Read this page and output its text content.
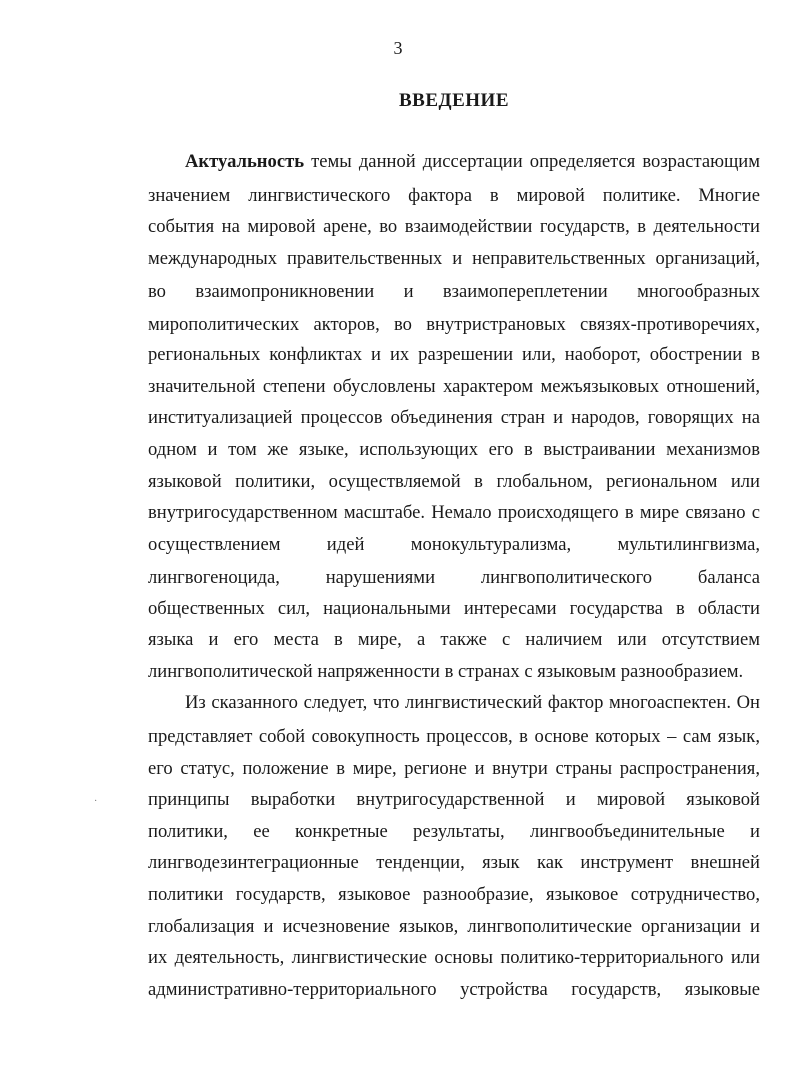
3
ВВЕДЕНИЕ
Актуальность темы данной диссертации определяется возрастающим
значением лингвистического фактора в мировой политике. Многие
события на мировой арене, во взаимодействии государств, в деятельности
международных правительственных и неправительственных организаций,
во взаимопроникновении и взаимопереплетении многообразных
мирополитических акторов, во внутристрановых связях-противоречиях,
региональных конфликтах и их разрешении или, наоборот, обострении в
значительной степени обусловлены характером межъязыковых отношений,
институализацией процессов объединения стран и народов, говорящих на
одном и том же языке, использующих его в выстраивании механизмов
языковой политики, осуществляемой в глобальном, региональном или
внутригосударственном масштабе. Немало происходящего в мире связано с
осуществлением идей монокультурализма, мультилингвизма,
лингвогеноцида, нарушениями лингвополитического баланса
общественных сил, национальными интересами государства в области
языка и его места в мире, а также с наличием или отсутствием
лингвополитической напряженности в странах с языковым разнообразием.
Из сказанного следует, что лингвистический фактор многоаспектен. Он
представляет собой совокупность процессов, в основе которых – сам язык,
его статус, положение в мире, регионе и внутри страны распространения,
принципы выработки внутригосударственной и мировой языковой
политики, ее конкретные результаты, лингвообъединительные и
лингводезинтеграционные тенденции, язык как инструмент внешней
политики государств, языковое разнообразие, языковое сотрудничество,
глобализация и исчезновение языков, лингвополитические организации и
их деятельность, лингвистические основы политико-территориального или
административно-территориального устройства государств, языковые
·
